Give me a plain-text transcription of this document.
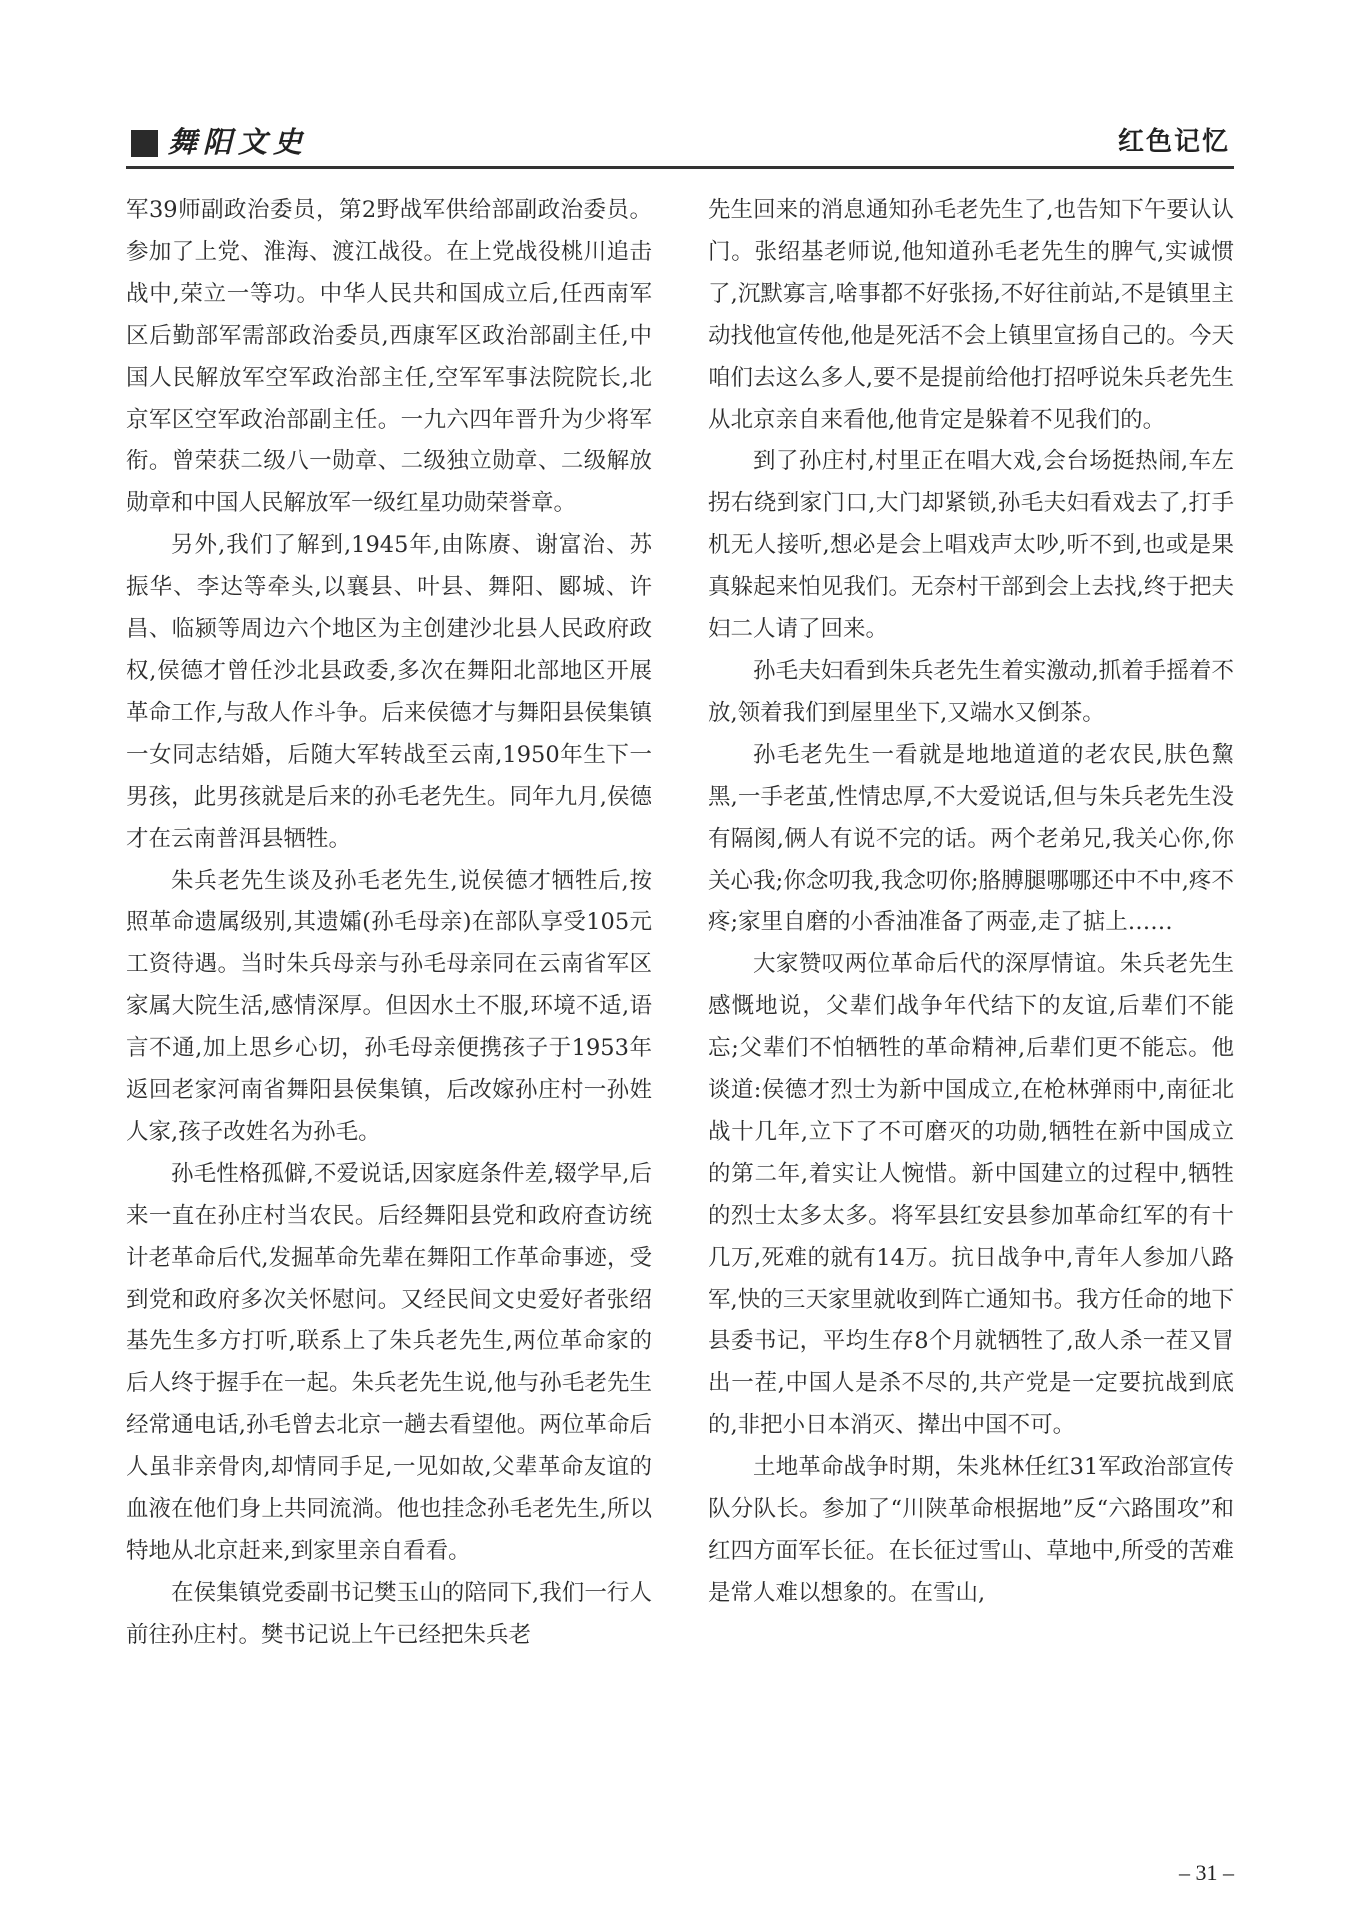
舞阳文史	红色记忆

军39师副政治委员，第2野战军供给部副政治委员。参加了上党、淮海、渡江战役。在上党战役桃川追击战中,荣立一等功。中华人民共和国成立后,任西南军区后勤部军需部政治委员,西康军区政治部副主任,中国人民解放军空军政治部主任,空军军事法院院长,北京军区空军政治部副主任。一九六四年晋升为少将军衔。曾荣获二级八一勋章、二级独立勋章、二级解放勋章和中国人民解放军一级红星功勋荣誉章。

另外,我们了解到,1945年,由陈赓、谢富治、苏振华、李达等牵头,以襄县、叶县、舞阳、郾城、许昌、临颍等周边六个地区为主创建沙北县人民政府政权,侯德才曾任沙北县政委,多次在舞阳北部地区开展革命工作,与敌人作斗争。后来侯德才与舞阳县侯集镇一女同志结婚，后随大军转战至云南,1950年生下一男孩，此男孩就是后来的孙毛老先生。同年九月,侯德才在云南普洱县牺牲。

朱兵老先生谈及孙毛老先生,说侯德才牺牲后,按照革命遗属级别,其遗孀(孙毛母亲)在部队享受105元工资待遇。当时朱兵母亲与孙毛母亲同在云南省军区家属大院生活,感情深厚。但因水土不服,环境不适,语言不通,加上思乡心切，孙毛母亲便携孩子于1953年返回老家河南省舞阳县侯集镇，后改嫁孙庄村一孙姓人家,孩子改姓名为孙毛。

孙毛性格孤僻,不爱说话,因家庭条件差,辍学早,后来一直在孙庄村当农民。后经舞阳县党和政府查访统计老革命后代,发掘革命先辈在舞阳工作革命事迹，受到党和政府多次关怀慰问。又经民间文史爱好者张绍基先生多方打听,联系上了朱兵老先生,两位革命家的后人终于握手在一起。朱兵老先生说,他与孙毛老先生经常通电话,孙毛曾去北京一趟去看望他。两位革命后人虽非亲骨肉,却情同手足,一见如故,父辈革命友谊的血液在他们身上共同流淌。他也挂念孙毛老先生,所以特地从北京赶来,到家里亲自看看。

在侯集镇党委副书记樊玉山的陪同下,我们一行人前往孙庄村。樊书记说上午已经把朱兵老

先生回来的消息通知孙毛老先生了,也告知下午要认认门。张绍基老师说,他知道孙毛老先生的脾气,实诚惯了,沉默寡言,啥事都不好张扬,不好往前站,不是镇里主动找他宣传他,他是死活不会上镇里宣扬自己的。今天咱们去这么多人,要不是提前给他打招呼说朱兵老先生从北京亲自来看他,他肯定是躲着不见我们的。

到了孙庄村,村里正在唱大戏,会台场挺热闹,车左拐右绕到家门口,大门却紧锁,孙毛夫妇看戏去了,打手机无人接听,想必是会上唱戏声太吵,听不到,也或是果真躲起来怕见我们。无奈村干部到会上去找,终于把夫妇二人请了回来。

孙毛夫妇看到朱兵老先生着实激动,抓着手摇着不放,领着我们到屋里坐下,又端水又倒茶。

孙毛老先生一看就是地地道道的老农民,肤色黧黑,一手老茧,性情忠厚,不大爱说话,但与朱兵老先生没有隔阂,俩人有说不完的话。两个老弟兄,我关心你,你关心我;你念叨我,我念叨你;胳膊腿哪哪还中不中,疼不疼;家里自磨的小香油准备了两壶,走了掂上……

大家赞叹两位革命后代的深厚情谊。朱兵老先生感慨地说，父辈们战争年代结下的友谊,后辈们不能忘;父辈们不怕牺牲的革命精神,后辈们更不能忘。他谈道:侯德才烈士为新中国成立,在枪林弹雨中,南征北战十几年,立下了不可磨灭的功勋,牺牲在新中国成立的第二年,着实让人惋惜。新中国建立的过程中,牺牲的烈士太多太多。将军县红安县参加革命红军的有十几万,死难的就有14万。抗日战争中,青年人参加八路军,快的三天家里就收到阵亡通知书。我方任命的地下县委书记，平均生存8个月就牺牲了,敌人杀一茬又冒出一茬,中国人是杀不尽的,共产党是一定要抗战到底的,非把小日本消灭、撵出中国不可。

土地革命战争时期，朱兆林任红31军政治部宣传队分队长。参加了“川陕革命根据地”反“六路围攻”和红四方面军长征。在长征过雪山、草地中,所受的苦难是常人难以想象的。在雪山,

– 31 –
